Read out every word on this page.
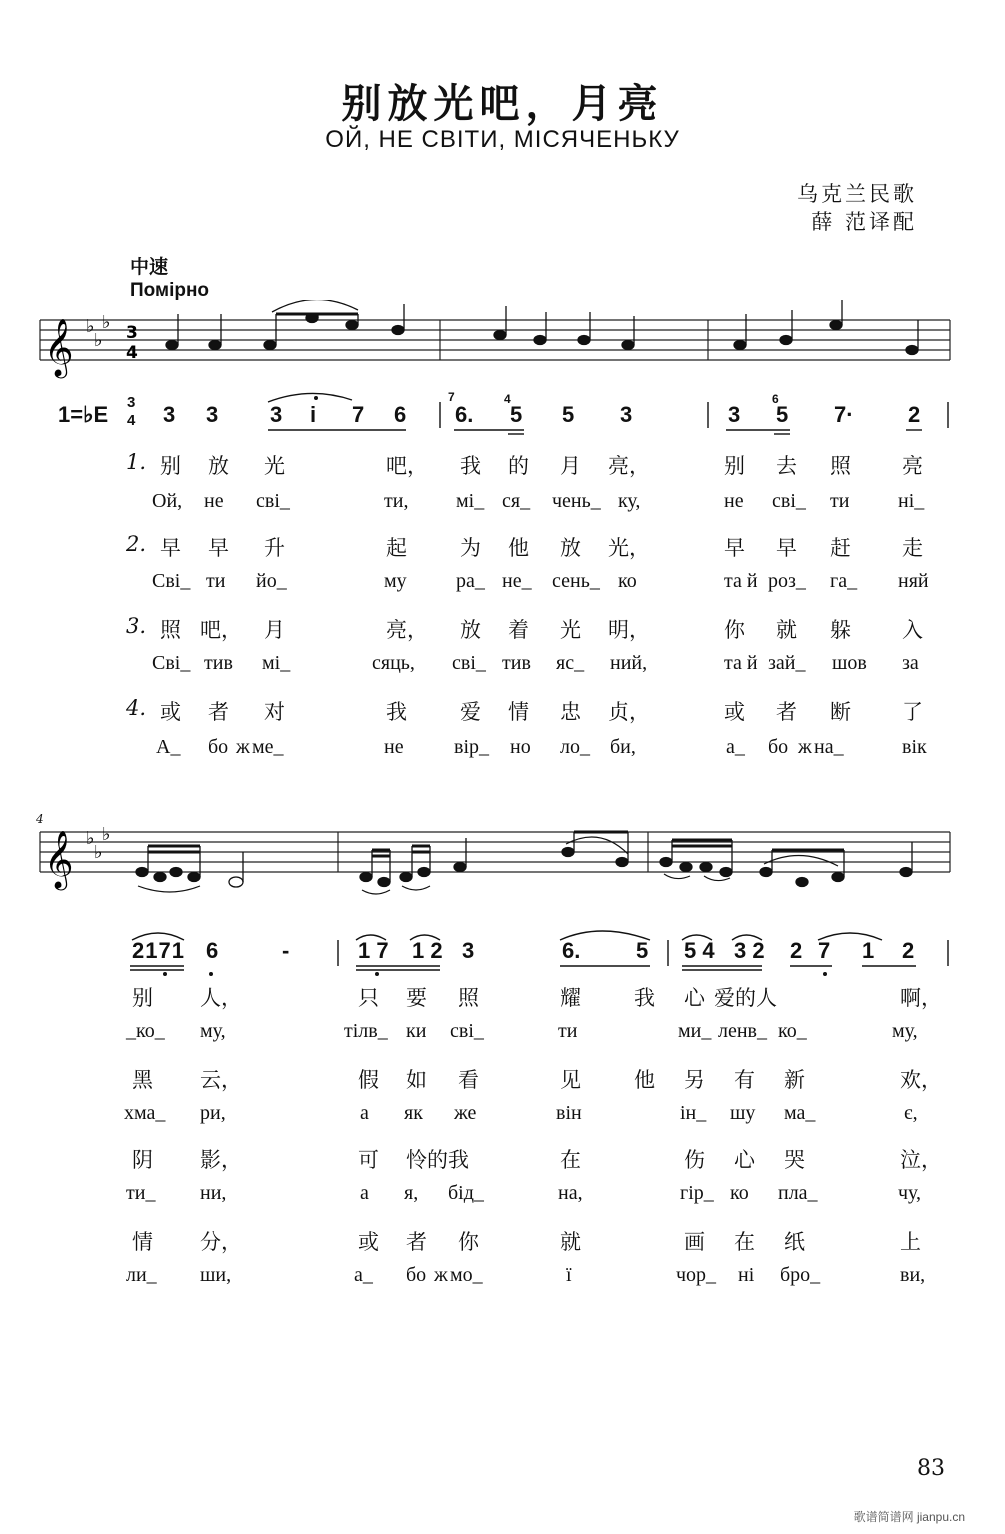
别放光吧，月亮
ОЙ, НЕ СВІТИ, МІСЯЧЕНЬКУ
乌克兰民歌
薛 范译配
中速
Помірно
𝄞 ♭
♭
♭ 3
4
1=♭E 3
4 3 3 3 i 7 6 6. 5 5 3	3 5 7· 2
7	4	6
1. 别 放 光	吧， 我 的 月 亮，	别 去 照 亮
Ой, не сві_	ти, мі_ ся_ чень_ ку,	не сві_ ти ні_
2. 早 早 升	起	为 他 放 光，	早 早 赶 走
Сві_ ти йо_	му ра_ не_ сень_ ко	та й роз_ га_ няй
3. 照 吧， 月	亮， 放 着 光 明，	你 就 躲 入
Сві_ тив мі_	сяць, сві_ тив яс_ ний,	та й зай_ шов за
4. 或 者 对	我	爱 情 忠 贞，	或 者 断 了
А_ бо ж ме_	не	вір_ но ло_ би,	а_ бо ж на_	вік
4
𝄞 ♭
♭
♭
2171 6	-	1 7 1 2 3	6.	5 5 4 3 2 2 7 1 2
别 人，	只 要 照	耀	我 心 爱的人	啊，
_ко_ му,	тілв_ ки сві_	ти	ми_ ленв_ ко_	му,
黑 云，	假 如 看	见	他 另 有 新	欢，
хма_ ри,	а як же	він	ін_ шу ма_	є,
阴 影，	可 怜的我	在	伤 心 哭	泣，
ти_ ни,	а я, бід_	на,	гір_ ко пла_	чу,
情 分，	或 者 你	就	画 在 纸	上
ли_ ши,	а_ бо ж мо_	ї	чор_ ні бро_	ви,
83
歌谱简谱网 jianpu.cn
